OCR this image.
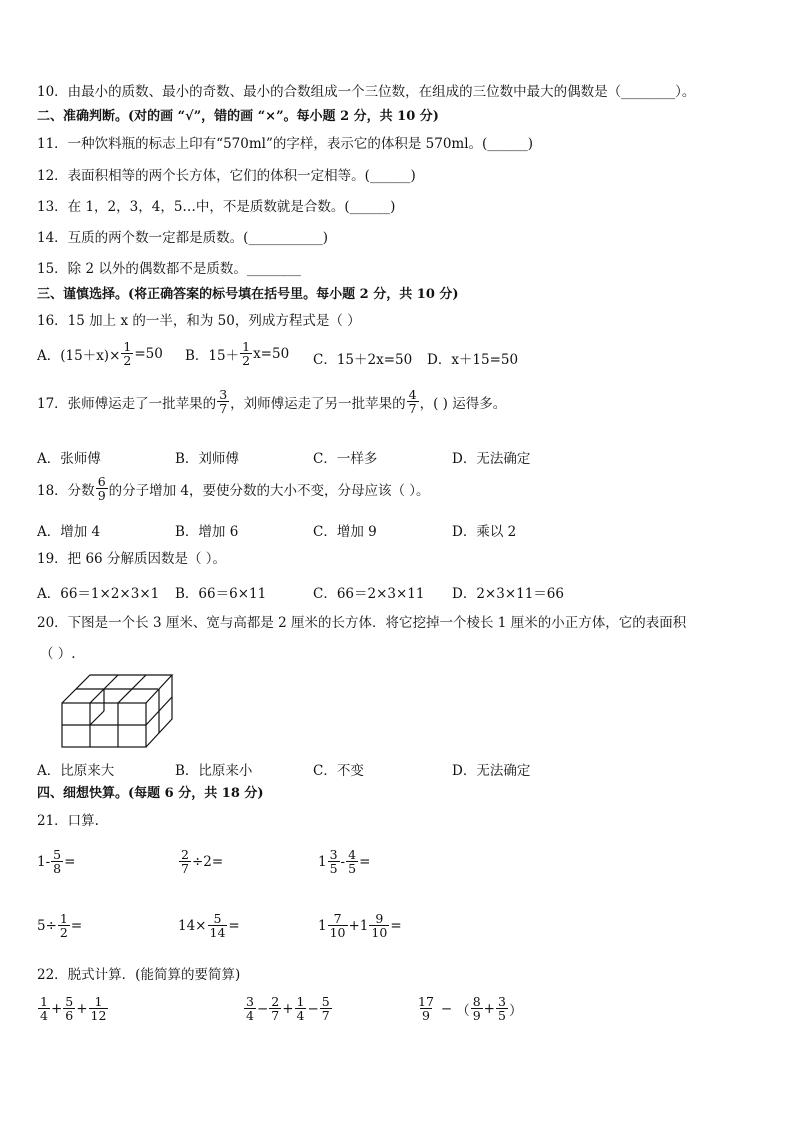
10．由最小的质数、最小的奇数、最小的合数组成一个三位数，在组成的三位数中最大的偶数是（________）。
二、准确判断。(对的画 “√”，错的画 “×”。每小题 2 分，共 10 分)
11．一种饮料瓶的标志上印有“570ml”的字样，表示它的体积是 570ml。(______)
12．表面积相等的两个长方体，它们的体积一定相等。(______)
13．在 1，2，3，4，5…中，不是质数就是合数。(______)
14．互质的两个数一定都是质数。(___________)
15．除 2 以外的偶数都不是质数。________
三、谨慎选择。(将正确答案的标号填在括号里。每小题 2 分，共 10 分)
16．15 加上 x 的一半，和为 50，列成方程式是（ ）
A．$(15+x)\times \frac{1}{2} =50$ B．$15+ \frac{1}{2} x=50$ C．15＋2x=50 D．x＋15=50
17．张师傅运走了一批苹果的 $\frac{3}{7}$ ，刘师傅运走了另一批苹果的 $\frac{4}{7}$ ，( ) 运得多。
A．张师傅	B．刘师傅	C．一样多	D．无法确定
18．分数 $\frac{6}{9}$ 的分子增加 4，要使分数的大小不变，分母应该（ ）。
A．增加 4	B．增加 6	C．增加 9	D．乘以 2
19．把 66 分解质因数是（ ）。
A．66＝1×2×3×1 B．66＝6×11	C．66＝2×3×11 D．2×3×11＝66
20．下图是一个长 3 厘米、宽与高都是 2 厘米的长方体．将它挖掉一个棱长 1 厘米的小正方体，它的表面积
（ ）.
A．比原来大	B．比原来小	C．不变	D．无法确定
四、细想快算。(每题 6 分，共 18 分)
21．口算.
$1- \frac{5}{8}$ =	$\frac{2}{7} \div 2=$	$1 \frac{3}{5} - \frac{4}{5}$ =
$5\div \frac{1}{2}$ =	$14\times \frac{5}{14}$ =	$1 \frac{7}{10} +1 \frac{9}{10}$ =
22．脱式计算．(能简算的要简算)
$\frac{1}{4} + \frac{5}{6} + \frac{1}{12}$	$\frac{3}{4} - \frac{2}{7} + \frac{1}{4} - \frac{5}{7}$	$\frac{17}{9}$ − （ $\frac{8}{9} + \frac{3}{5}$ ）
